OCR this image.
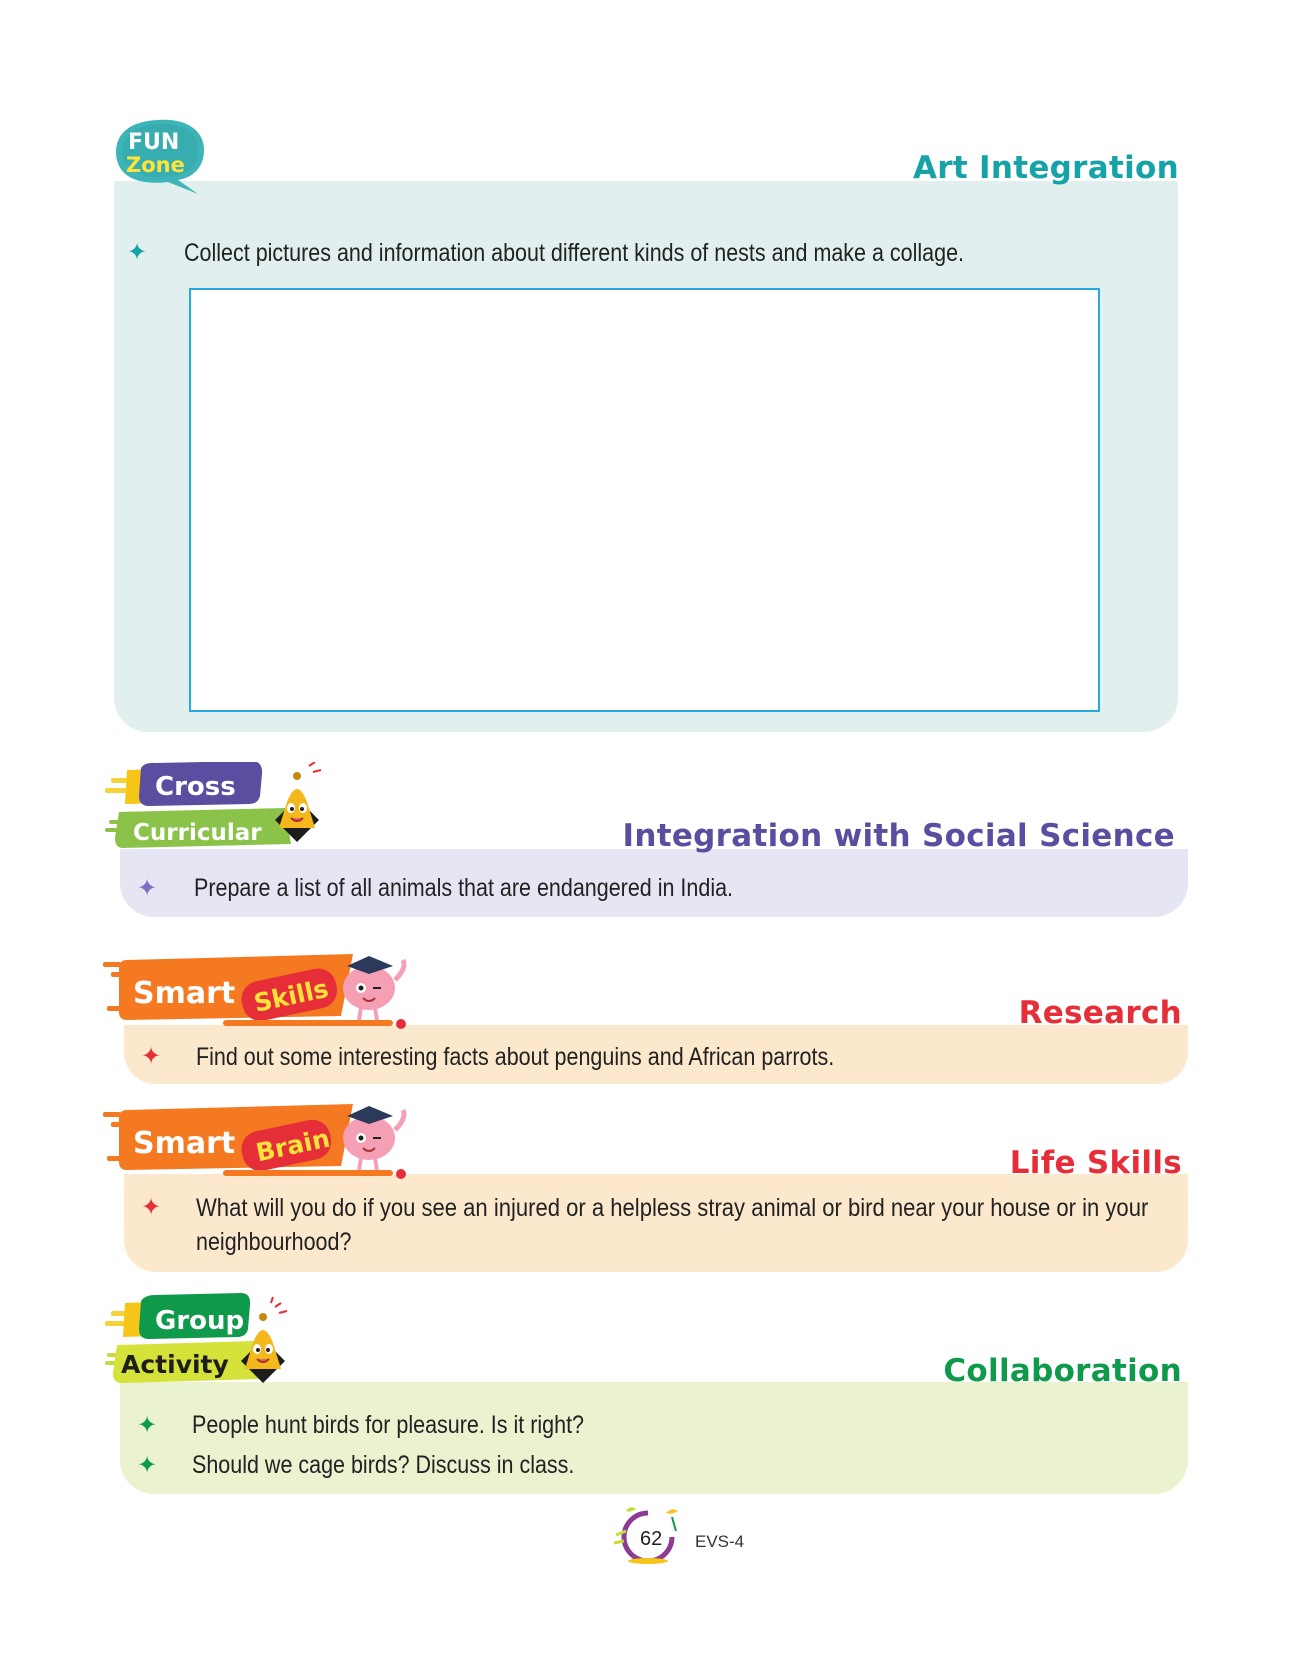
FUN
Zone	Art Integration
✦ Collect pictures and information about different kinds of nests and make a collage.
Cross
Curricular	Integration with Social Science
✦ Prepare a list of all animals that are endangered in India.
Smart Skills	Research
✦ Find out some interesting facts about penguins and African parrots.
Smart Brain	Life Skills
✦ What will you do if you see an injured or a helpless stray animal or bird near your house or in your
neighbourhood?
Group
Activity	Collaboration
✦ People hunt birds for pleasure. Is it right?
✦ Should we cage birds? Discuss in class.
62 EVS-4
